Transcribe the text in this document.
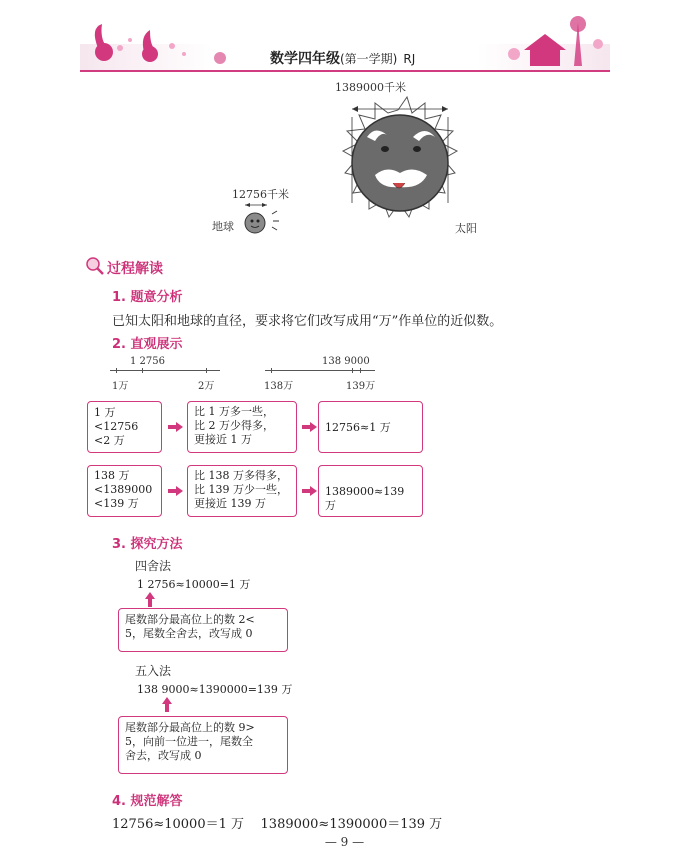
数学四年级(第一学期) RJ
1389000千米
12756千米
地球	太阳
过程解读
1. 题意分析
已知太阳和地球的直径，要求将它们改写成用“万”作单位的近似数。
2. 直观展示
1 2756
1万	2万
138 9000
138万	139万
1 万<12756
<2 万
比 1 万多一些，
比 2 万少得多，
更接近 1 万
12756≈1 万
138 万
<1389000
<139 万
比 138 万多得多，
比 139 万少一些，
更接近 139 万
1389000≈139 万
3. 探究方法
四舍法
1 2756≈10000=1 万
尾数部分最高位上的数 2<
5，尾数全舍去，改写成 0
五入法
138 9000≈1390000=139 万
尾数部分最高位上的数 9>
5，向前一位进一，尾数全
舍去，改写成 0
4. 规范解答
12756≈10000＝1 万    1389000≈1390000＝139 万
— 9 —
